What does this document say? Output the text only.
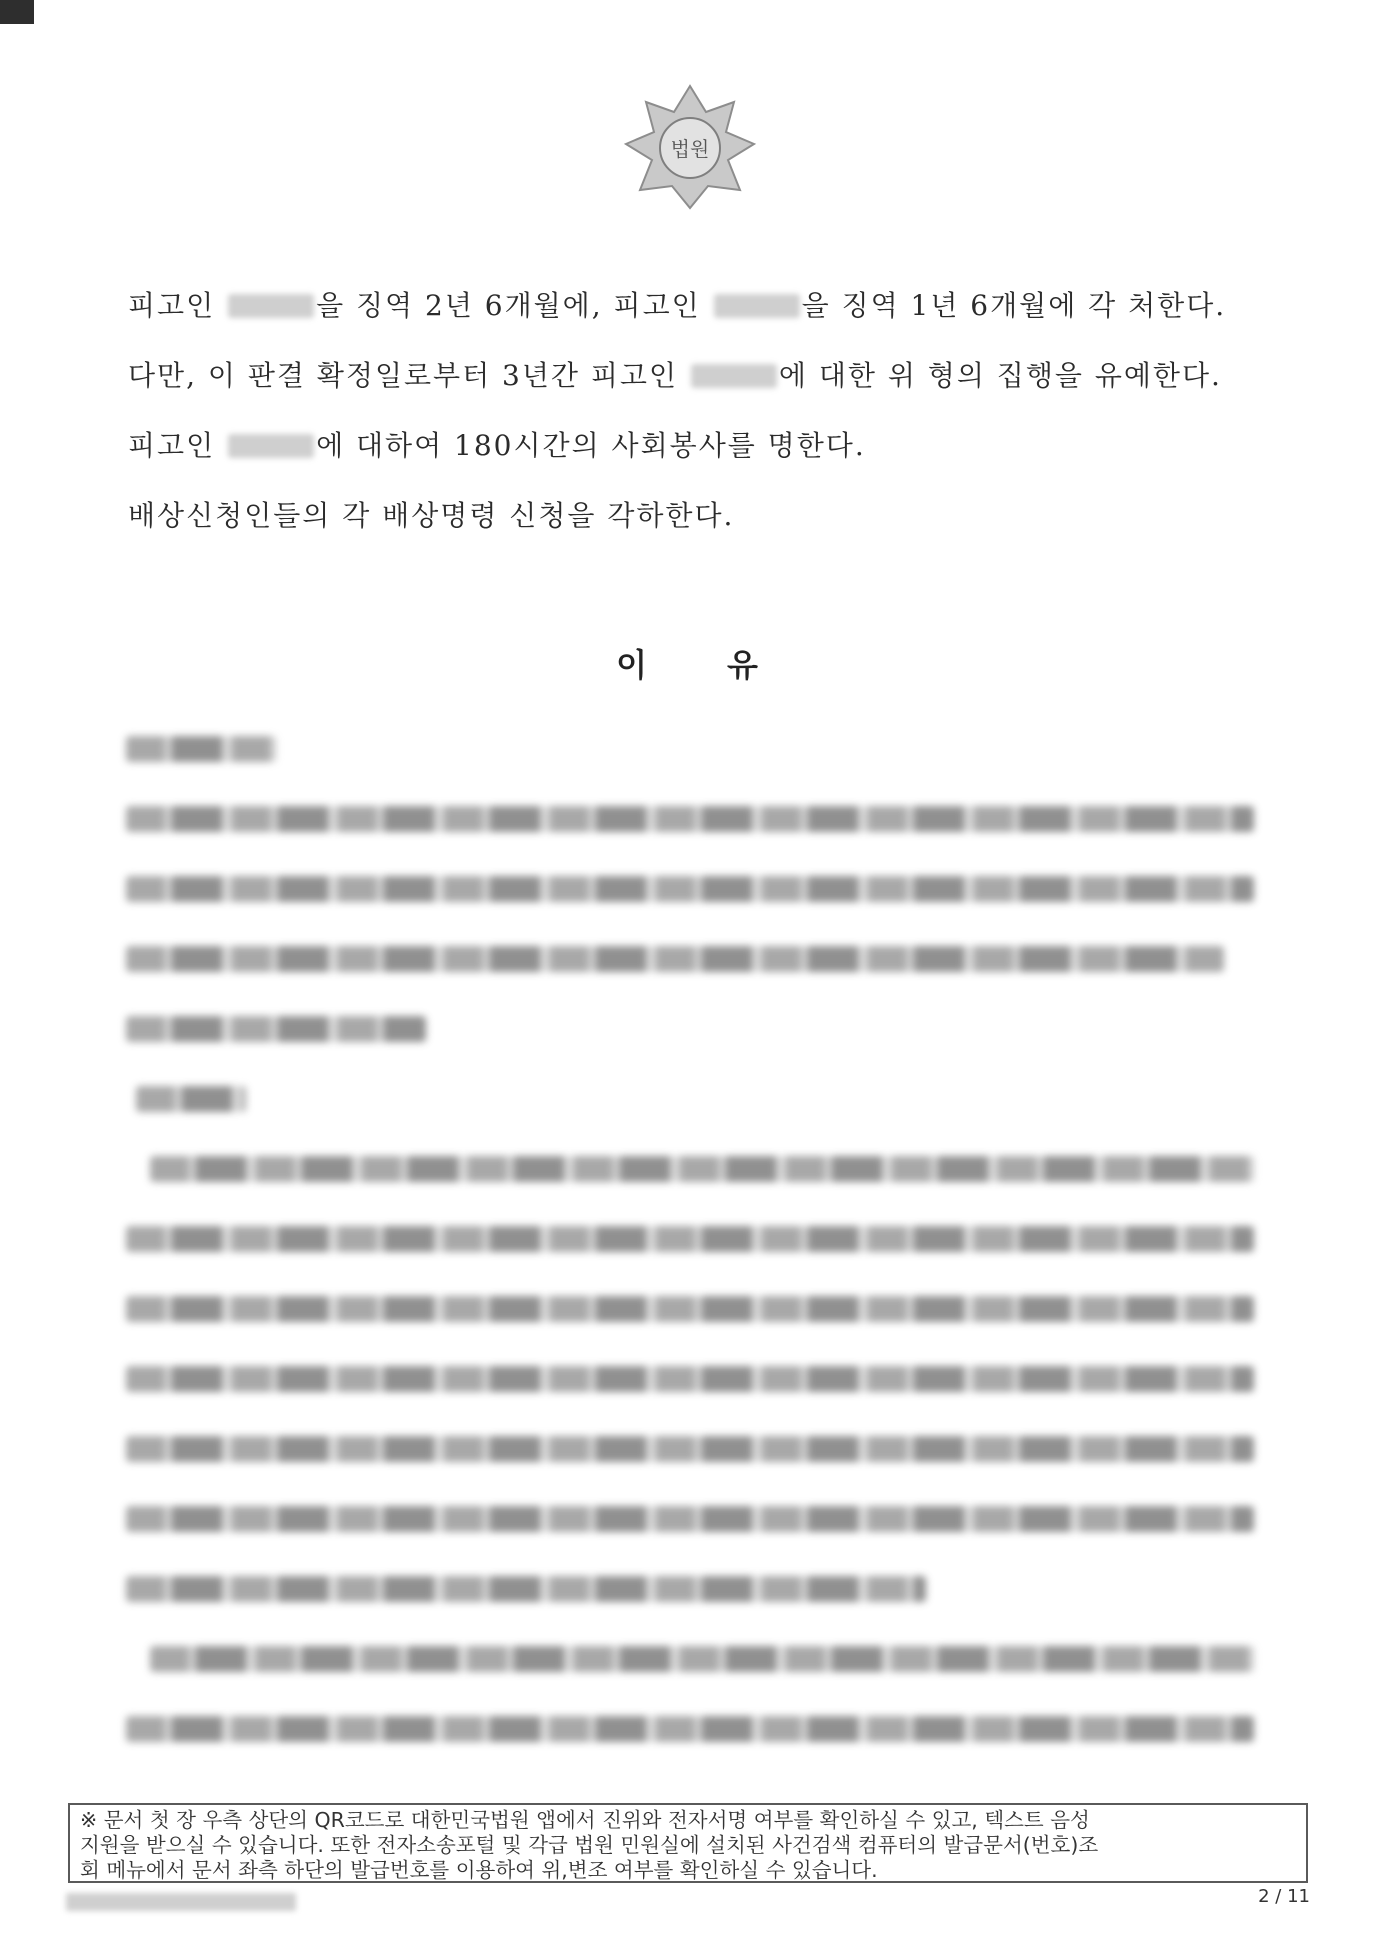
법원
피고인	을 징역 2년 6개월에, 피고인	을 징역 1년 6개월에 각 처한다.
다만, 이 판결 확정일로부터 3년간 피고인	에 대한 위 형의 집행을 유예한다.
피고인	에 대하여 180시간의 사회봉사를 명한다.
배상신청인들의 각 배상명령 신청을 각하한다.
이	유
※ 문서 첫 장 우측 상단의 QR코드로 대한민국법원 앱에서 진위와 전자서명 여부를 확인하실 수 있고, 텍스트 음성
지원을 받으실 수 있습니다. 또한 전자소송포털 및 각급 법원 민원실에 설치된 사건검색 컴퓨터의 발급문서(번호)조
회 메뉴에서 문서 좌측 하단의 발급번호를 이용하여 위,변조 여부를 확인하실 수 있습니다.
2 / 11
